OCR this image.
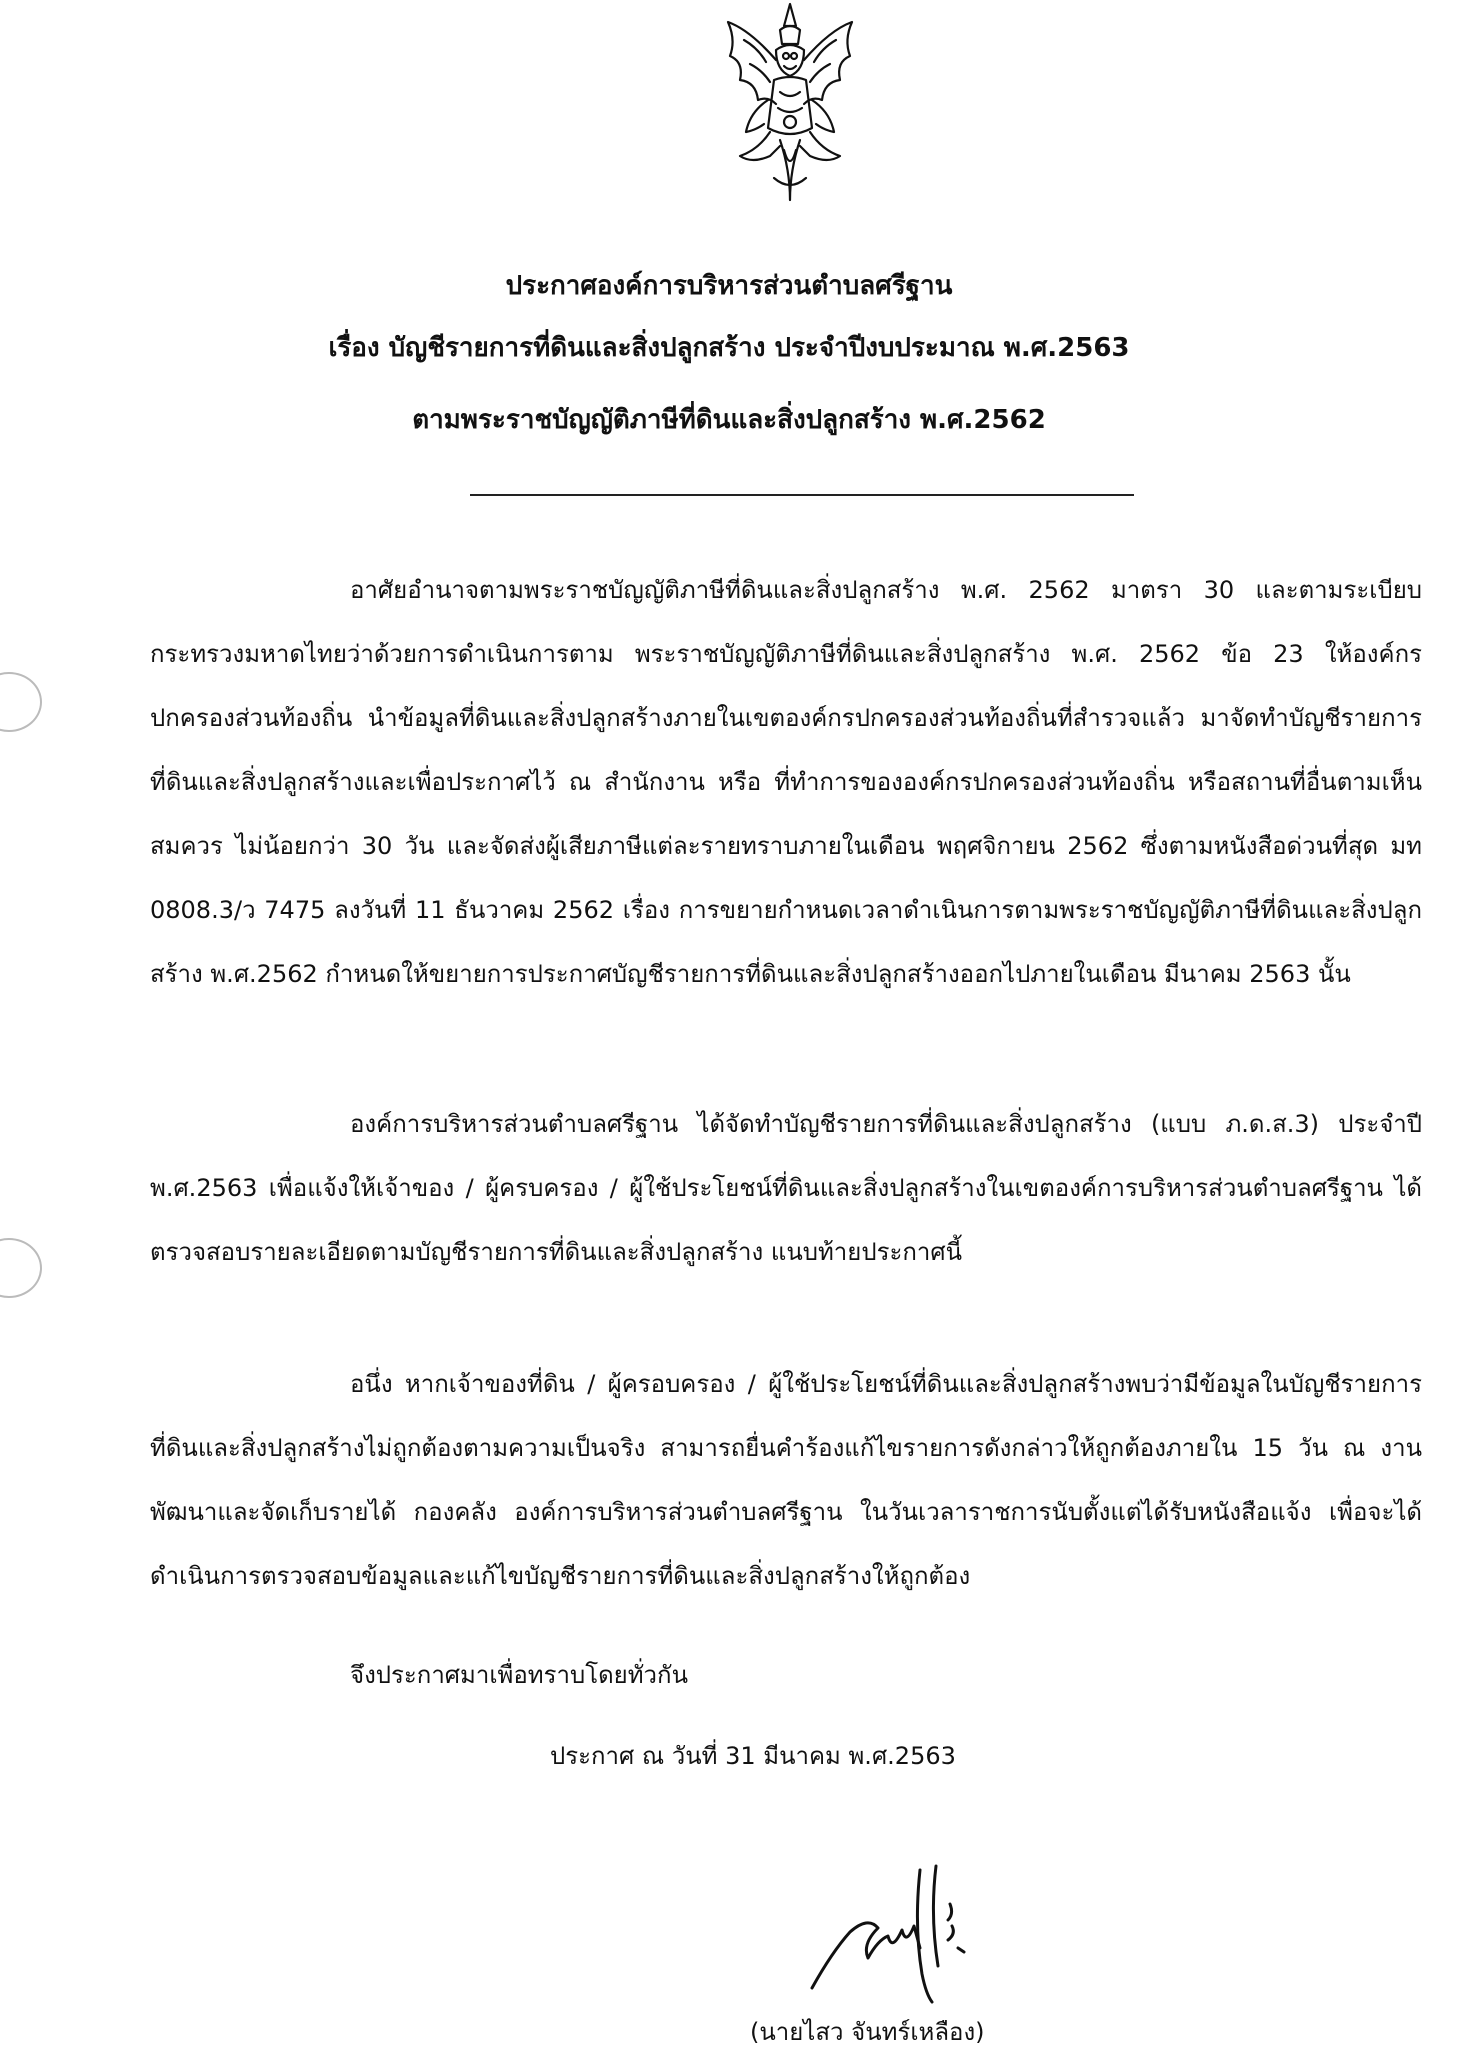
ประกาศองค์การบริหารส่วนตำบลศรีฐาน
เรื่อง บัญชีรายการที่ดินและสิ่งปลูกสร้าง ประจำปีงบประมาณ พ.ศ.2563
ตามพระราชบัญญัติภาษีที่ดินและสิ่งปลูกสร้าง พ.ศ.2562

อาศัยอำนาจตามพระราชบัญญัติภาษีที่ดินและสิ่งปลูกสร้าง พ.ศ. 2562 มาตรา 30 และตามระเบียบกระทรวงมหาดไทยว่าด้วยการดำเนินการตาม พระราชบัญญัติภาษีที่ดินและสิ่งปลูกสร้าง พ.ศ. 2562 ข้อ 23 ให้องค์กรปกครองส่วนท้องถิ่น นำข้อมูลที่ดินและสิ่งปลูกสร้างภายในเขตองค์กรปกครองส่วนท้องถิ่นที่สำรวจแล้ว มาจัดทำบัญชีรายการที่ดินและสิ่งปลูกสร้างและเพื่อประกาศไว้ ณ สำนักงาน หรือ ที่ทำการขององค์กรปกครองส่วนท้องถิ่น หรือสถานที่อื่นตามเห็นสมควร ไม่น้อยกว่า 30 วัน และจัดส่งผู้เสียภาษีแต่ละรายทราบภายในเดือน พฤศจิกายน 2562 ซึ่งตามหนังสือด่วนที่สุด มท 0808.3/ว 7475 ลงวันที่ 11 ธันวาคม 2562 เรื่อง การขยายกำหนดเวลาดำเนินการตามพระราชบัญญัติภาษีที่ดินและสิ่งปลูกสร้าง พ.ศ.2562 กำหนดให้ขยายการประกาศบัญชีรายการที่ดินและสิ่งปลูกสร้างออกไปภายในเดือน มีนาคม 2563 นั้น

องค์การบริหารส่วนตำบลศรีฐาน ได้จัดทำบัญชีรายการที่ดินและสิ่งปลูกสร้าง (แบบ ภ.ด.ส.3) ประจำปี พ.ศ.2563 เพื่อแจ้งให้เจ้าของ / ผู้ครบครอง / ผู้ใช้ประโยชน์ที่ดินและสิ่งปลูกสร้างในเขตองค์การบริหารส่วนตำบลศรีฐาน ได้ตรวจสอบรายละเอียดตามบัญชีรายการที่ดินและสิ่งปลูกสร้าง แนบท้ายประกาศนี้

อนึ่ง หากเจ้าของที่ดิน / ผู้ครอบครอง / ผู้ใช้ประโยชน์ที่ดินและสิ่งปลูกสร้างพบว่ามีข้อมูลในบัญชีรายการที่ดินและสิ่งปลูกสร้างไม่ถูกต้องตามความเป็นจริง สามารถยื่นคำร้องแก้ไขรายการดังกล่าวให้ถูกต้องภายใน 15 วัน ณ งานพัฒนาและจัดเก็บรายได้ กองคลัง องค์การบริหารส่วนตำบลศรีฐาน ในวันเวลาราชการนับตั้งแต่ได้รับหนังสือแจ้ง เพื่อจะได้ดำเนินการตรวจสอบข้อมูลและแก้ไขบัญชีรายการที่ดินและสิ่งปลูกสร้างให้ถูกต้อง

จึงประกาศมาเพื่อทราบโดยทั่วกัน
ประกาศ ณ วันที่ 31 มีนาคม พ.ศ.2563
(นายไสว จันทร์เหลือง)
